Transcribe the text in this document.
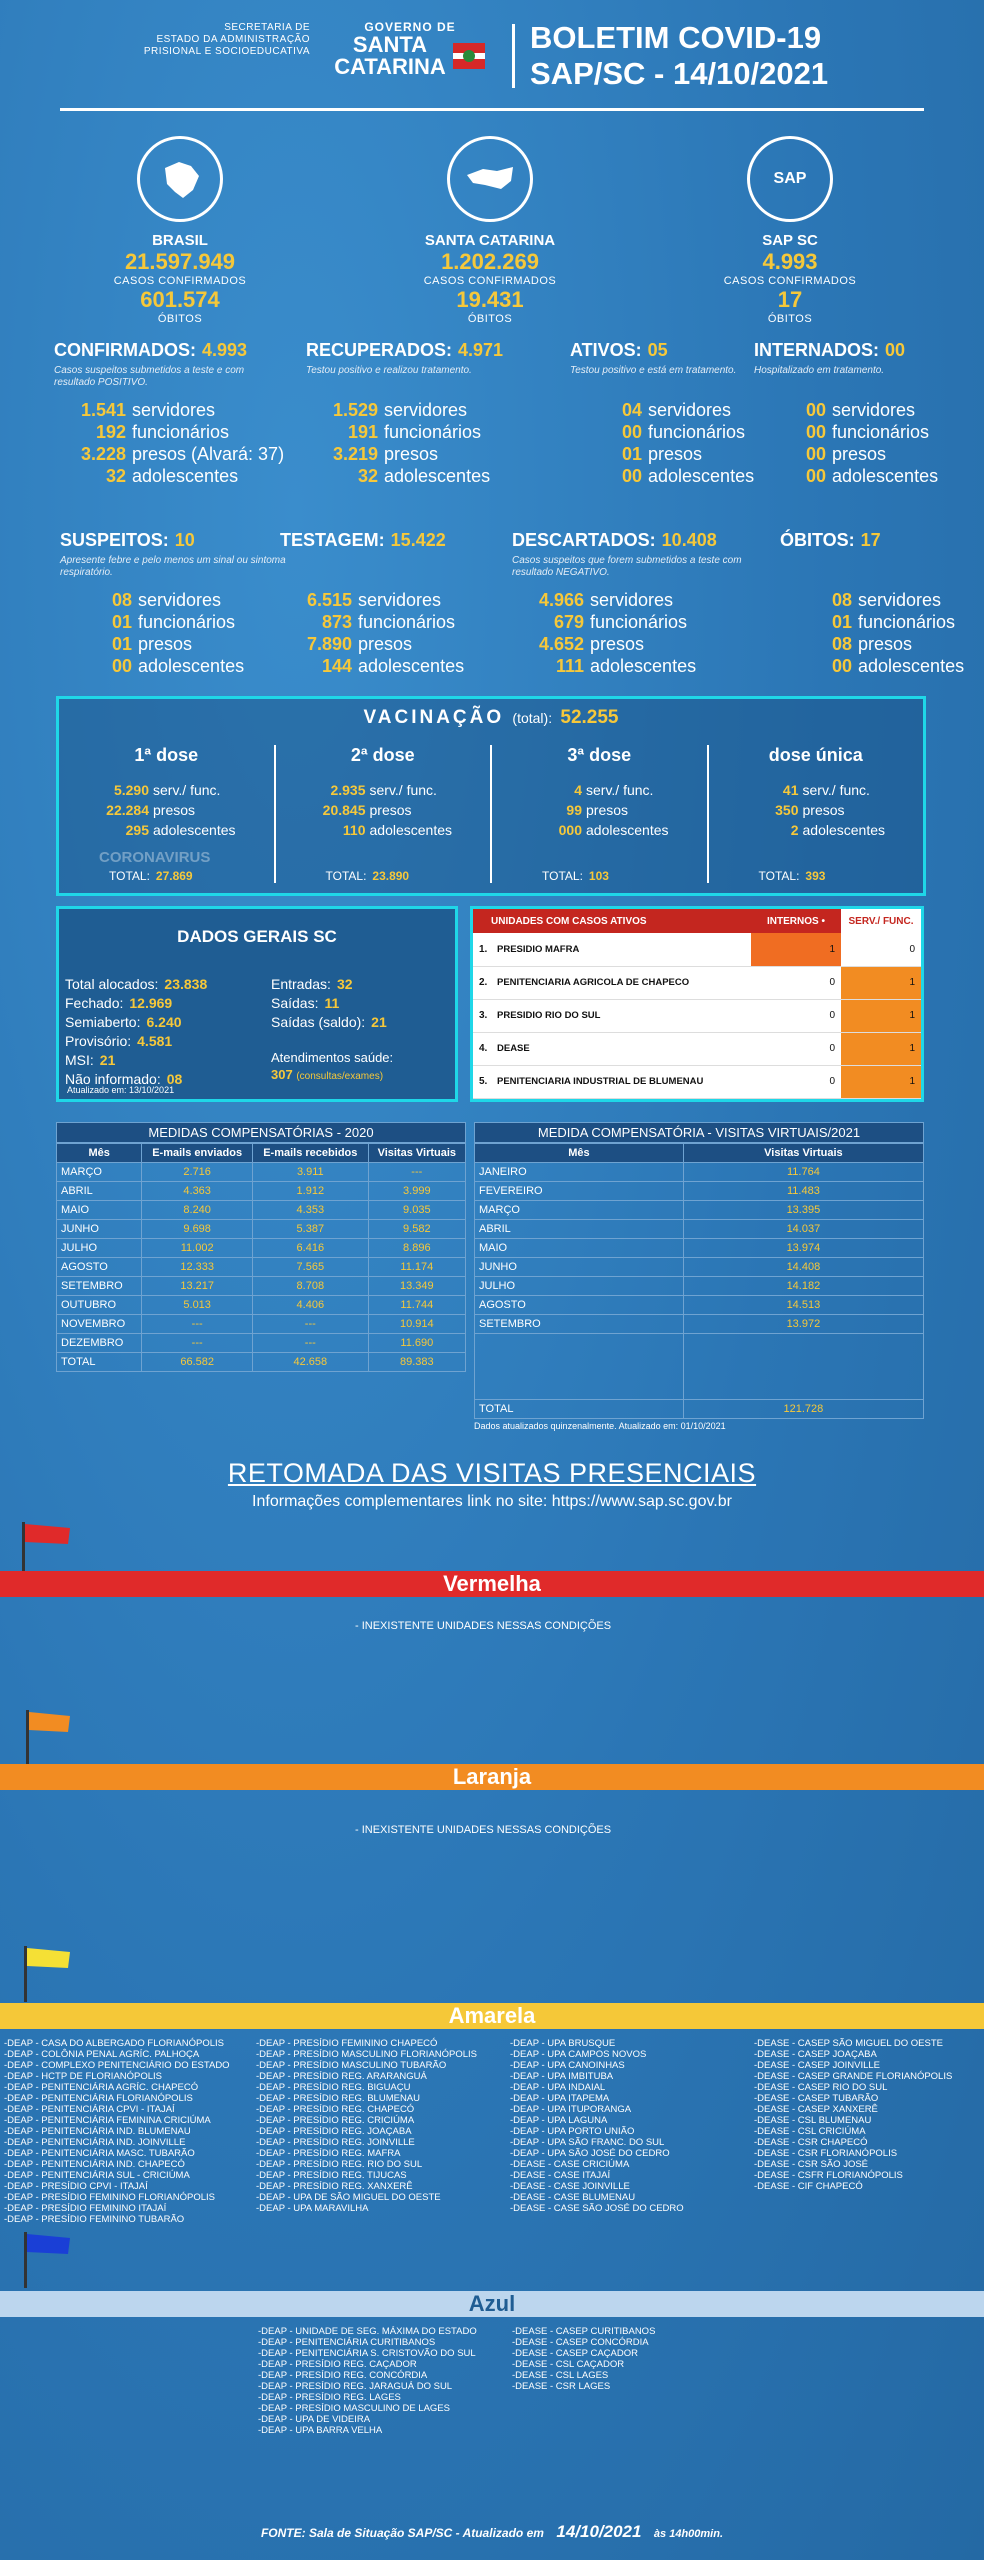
SECRETARIA DE
ESTADO DA ADMINISTRAÇÃO
PRISIONAL E SOCIOEDUCATIVA
GOVERNO DE
SANTA
CATARINA
BOLETIM COVID-19
SAP/SC - 14/10/2021
BRASIL
21.597.949
CASOS CONFIRMADOS
601.574
ÓBITOS
SANTA CATARINA
1.202.269
CASOS CONFIRMADOS
19.431
ÓBITOS
SAP
SAP SC
4.993
CASOS CONFIRMADOS
17
ÓBITOS
CONFIRMADOS: 4.993
Casos suspeitos submetidos a teste e com resultado POSITIVO.
1.541 servidores
192 funcionários
3.228 presos (Alvará: 37)
32 adolescentes
RECUPERADOS: 4.971
Testou positivo e realizou tratamento.
1.529 servidores
191 funcionários
3.219 presos
32 adolescentes
ATIVOS: 05
Testou positivo e está em tratamento.
04 servidores
00 funcionários
01 presos
00 adolescentes
INTERNADOS: 00
Hospitalizado em tratamento.
00 servidores
00 funcionários
00 presos
00 adolescentes
SUSPEITOS: 10
Apresente febre e pelo menos um sinal ou sintoma respiratório.
08 servidores
01 funcionários
01 presos
00 adolescentes
TESTAGEM: 15.422
6.515 servidores
873 funcionários
7.890 presos
144 adolescentes
DESCARTADOS: 10.408
Casos suspeitos que forem submetidos a teste com resultado NEGATIVO.
4.966 servidores
679 funcionários
4.652 presos
111 adolescentes
ÓBITOS: 17
08 servidores
01 funcionários
08 presos
00 adolescentes
VACINAÇÃO (total): 52.255
CORONAVIRUS
1ª dose
5.290 serv./ func.
22.284 presos
295 adolescentes
TOTAL: 27.869
2ª dose
2.935 serv./ func.
20.845 presos
110 adolescentes
TOTAL: 23.890
3ª dose
4 serv./ func.
99 presos
000 adolescentes
TOTAL: 103
dose única
41 serv./ func.
350 presos
2 adolescentes
TOTAL: 393
DADOS GERAIS SC
Total alocados: 23.838
Fechado: 12.969
Semiaberto: 6.240
Provisório: 4.581
MSI: 21
Não informado: 08
Entradas: 32
Saídas: 11
Saídas (saldo): 21
Atendimentos saúde:
307 (consultas/exames)
Atualizado em: 13/10/2021
UNIDADES COM CASOS ATIVOS		INTERNOS •	SERV./ FUNC.
1.	PRESIDIO MAFRA	1	0
2.	PENITENCIARIA AGRICOLA DE CHAPECO	0	1
3.	PRESIDIO RIO DO SUL	0	1
4.	DEASE	0	1
5.	PENITENCIARIA INDUSTRIAL DE BLUMENAU	0	1
MEDIDAS COMPENSATÓRIAS - 2020
Mês	E-mails enviados	E-mails recebidos	Visitas Virtuais
MARÇO	2.716	3.911	---
ABRIL	4.363	1.912	3.999
MAIO	8.240	4.353	9.035
JUNHO	9.698	5.387	9.582
JULHO	11.002	6.416	8.896
AGOSTO	12.333	7.565	11.174
SETEMBRO	13.217	8.708	13.349
OUTUBRO	5.013	4.406	11.744
NOVEMBRO	---	---	10.914
DEZEMBRO	---	---	11.690
TOTAL	66.582	42.658	89.383
MEDIDA COMPENSATÓRIA - VISITAS VIRTUAIS/2021
Mês	Visitas Virtuais
JANEIRO	11.764
FEVEREIRO	11.483
MARÇO	13.395
ABRIL	14.037
MAIO	13.974
JUNHO	14.408
JULHO	14.182
AGOSTO	14.513
SETEMBRO	13.972

TOTAL	121.728
Dados atualizados quinzenalmente. Atualizado em: 01/10/2021
RETOMADA DAS VISITAS PRESENCIAIS
Informações complementares link no site: https://www.sap.sc.gov.br
Vermelha
- INEXISTENTE UNIDADES NESSAS CONDIÇÕES
Laranja
- INEXISTENTE UNIDADES NESSAS CONDIÇÕES
Amarela
-DEAP - CASA DO ALBERGADO FLORIANÓPOLIS
-DEAP - COLÔNIA PENAL AGRÍC. PALHOÇA
-DEAP - COMPLEXO PENITENCIÁRIO DO ESTADO
-DEAP - HCTP DE FLORIANÓPOLIS
-DEAP - PENITENCIÁRIA AGRÍC. CHAPECÓ
-DEAP - PENITENCIÁRIA FLORIANÓPOLIS
-DEAP - PENITENCIÁRIA CPVI - ITAJAÍ
-DEAP - PENITENCIÁRIA FEMININA CRICIÚMA
-DEAP - PENITENCIÁRIA IND. BLUMENAU
-DEAP - PENITENCIÁRIA IND. JOINVILLE
-DEAP - PENITENCIÁRIA MASC. TUBARÃO
-DEAP - PENITENCIÁRIA IND. CHAPECÓ
-DEAP - PENITENCIÁRIA SUL - CRICIÚMA
-DEAP - PRESÍDIO CPVI - ITAJAÍ
-DEAP - PRESÍDIO FEMININO FLORIANÓPOLIS
-DEAP - PRESÍDIO FEMININO ITAJAÍ
-DEAP - PRESÍDIO FEMININO TUBARÃO
-DEAP - PRESÍDIO FEMININO CHAPECÓ
-DEAP - PRESÍDIO MASCULINO FLORIANÓPOLIS
-DEAP - PRESÍDIO MASCULINO TUBARÃO
-DEAP - PRESÍDIO REG. ARARANGUÁ
-DEAP - PRESÍDIO REG. BIGUAÇU
-DEAP - PRESÍDIO REG. BLUMENAU
-DEAP - PRESÍDIO REG. CHAPECÓ
-DEAP - PRESÍDIO REG. CRICIÚMA
-DEAP - PRESÍDIO REG. JOAÇABA
-DEAP - PRESÍDIO REG. JOINVILLE
-DEAP - PRESÍDIO REG. MAFRA
-DEAP - PRESÍDIO REG. RIO DO SUL
-DEAP - PRESÍDIO REG. TIJUCAS
-DEAP - PRESÍDIO REG. XANXERÊ
-DEAP - UPA DE SÃO MIGUEL DO OESTE
-DEAP - UPA MARAVILHA
-DEAP - UPA BRUSQUE
-DEAP - UPA CAMPOS NOVOS
-DEAP - UPA CANOINHAS
-DEAP - UPA IMBITUBA
-DEAP - UPA INDAIAL
-DEAP - UPA ITAPEMA
-DEAP - UPA ITUPORANGA
-DEAP - UPA LAGUNA
-DEAP - UPA PORTO UNIÃO
-DEAP - UPA SÃO FRANC. DO SUL
-DEAP - UPA SÃO JOSÉ DO CEDRO
-DEASE - CASE CRICIÚMA
-DEASE - CASE ITAJAÍ
-DEASE - CASE JOINVILLE
-DEASE - CASE BLUMENAU
-DEASE - CASE SÃO JOSÉ DO CEDRO
-DEASE - CASEP SÃO MIGUEL DO OESTE
-DEASE - CASEP JOAÇABA
-DEASE - CASEP JOINVILLE
-DEASE - CASEP GRANDE FLORIANÓPOLIS
-DEASE - CASEP RIO DO SUL
-DEASE - CASEP TUBARÃO
-DEASE - CASEP XANXERÊ
-DEASE - CSL BLUMENAU
-DEASE - CSL CRICIÚMA
-DEASE - CSR CHAPECÓ
-DEASE - CSR FLORIANÓPOLIS
-DEASE - CSR SÃO JOSÉ
-DEASE - CSFR FLORIANÓPOLIS
-DEASE - CIF CHAPECÓ
Azul
-DEAP - UNIDADE DE SEG. MÁXIMA DO ESTADO
-DEAP - PENITENCIÁRIA CURITIBANOS
-DEAP - PENITENCIÁRIA S. CRISTOVÃO DO SUL
-DEAP - PRESÍDIO REG. CAÇADOR
-DEAP - PRESÍDIO REG. CONCÓRDIA
-DEAP - PRESÍDIO REG. JARAGUÁ DO SUL
-DEAP - PRESÍDIO REG. LAGES
-DEAP - PRESÍDIO MASCULINO DE LAGES
-DEAP - UPA DE VIDEIRA
-DEAP - UPA BARRA VELHA
-DEASE - CASEP CURITIBANOS
-DEASE - CASEP CONCÓRDIA
-DEASE - CASEP CAÇADOR
-DEASE - CSL CAÇADOR
-DEASE - CSL LAGES
-DEASE - CSR LAGES
FONTE: Sala de Situação SAP/SC - Atualizado em 14/10/2021 às 14h00min.
